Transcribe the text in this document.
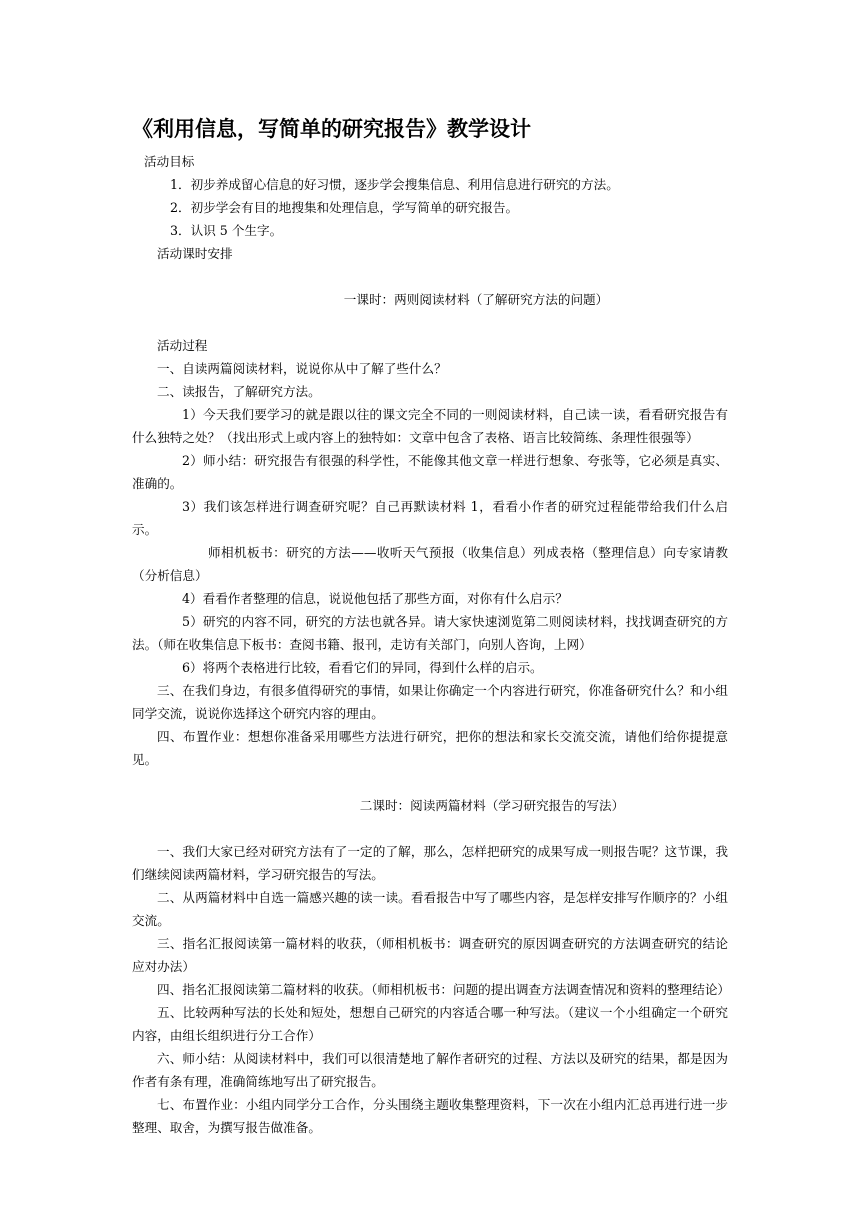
《利用信息，写简单的研究报告》教学设计

活动目标

1．初步养成留心信息的好习惯，逐步学会搜集信息、利用信息进行研究的方法。

2．初步学会有目的地搜集和处理信息，学写简单的研究报告。

3．认识 5 个生字。

活动课时安排

一课时：两则阅读材料（了解研究方法的问题）

活动过程

一、自读两篇阅读材料，说说你从中了解了些什么？

二、读报告，了解研究方法。

1）今天我们要学习的就是跟以往的课文完全不同的一则阅读材料，自己读一读，看看研究报告有什么独特之处？（找出形式上或内容上的独特如：文章中包含了表格、语言比较简练、条理性很强等）

2）师小结：研究报告有很强的科学性，不能像其他文章一样进行想象、夸张等，它必须是真实、准确的。

3）我们该怎样进行调查研究呢？自己再默读材料 1，看看小作者的研究过程能带给我们什么启示。

师相机板书：研究的方法——收听天气预报（收集信息）列成表格（整理信息）向专家请教（分析信息）

4）看看作者整理的信息，说说他包括了那些方面，对你有什么启示？

5）研究的内容不同，研究的方法也就各异。请大家快速浏览第二则阅读材料，找找调查研究的方法。（师在收集信息下板书：查阅书籍、报刊，走访有关部门，向别人咨询，上网）

6）将两个表格进行比较，看看它们的异同，得到什么样的启示。

三、在我们身边，有很多值得研究的事情，如果让你确定一个内容进行研究，你准备研究什么？和小组同学交流，说说你选择这个研究内容的理由。

四、布置作业：想想你准备采用哪些方法进行研究，把你的想法和家长交流交流，请他们给你提提意见。

二课时：阅读两篇材料（学习研究报告的写法）

一、我们大家已经对研究方法有了一定的了解，那么，怎样把研究的成果写成一则报告呢？这节课，我们继续阅读两篇材料，学习研究报告的写法。

二、从两篇材料中自选一篇感兴趣的读一读。看看报告中写了哪些内容，是怎样安排写作顺序的？小组交流。

三、指名汇报阅读第一篇材料的收获，（师相机板书：调查研究的原因调查研究的方法调查研究的结论应对办法）

四、指名汇报阅读第二篇材料的收获。（师相机板书：问题的提出调查方法调查情况和资料的整理结论）

五、比较两种写法的长处和短处，想想自己研究的内容适合哪一种写法。（建议一个小组确定一个研究内容，由组长组织进行分工合作）

六、师小结：从阅读材料中，我们可以很清楚地了解作者研究的过程、方法以及研究的结果，都是因为作者有条有理，准确简练地写出了研究报告。

七、布置作业：小组内同学分工合作，分头围绕主题收集整理资料，下一次在小组内汇总再进行进一步整理、取舍，为撰写报告做准备。
